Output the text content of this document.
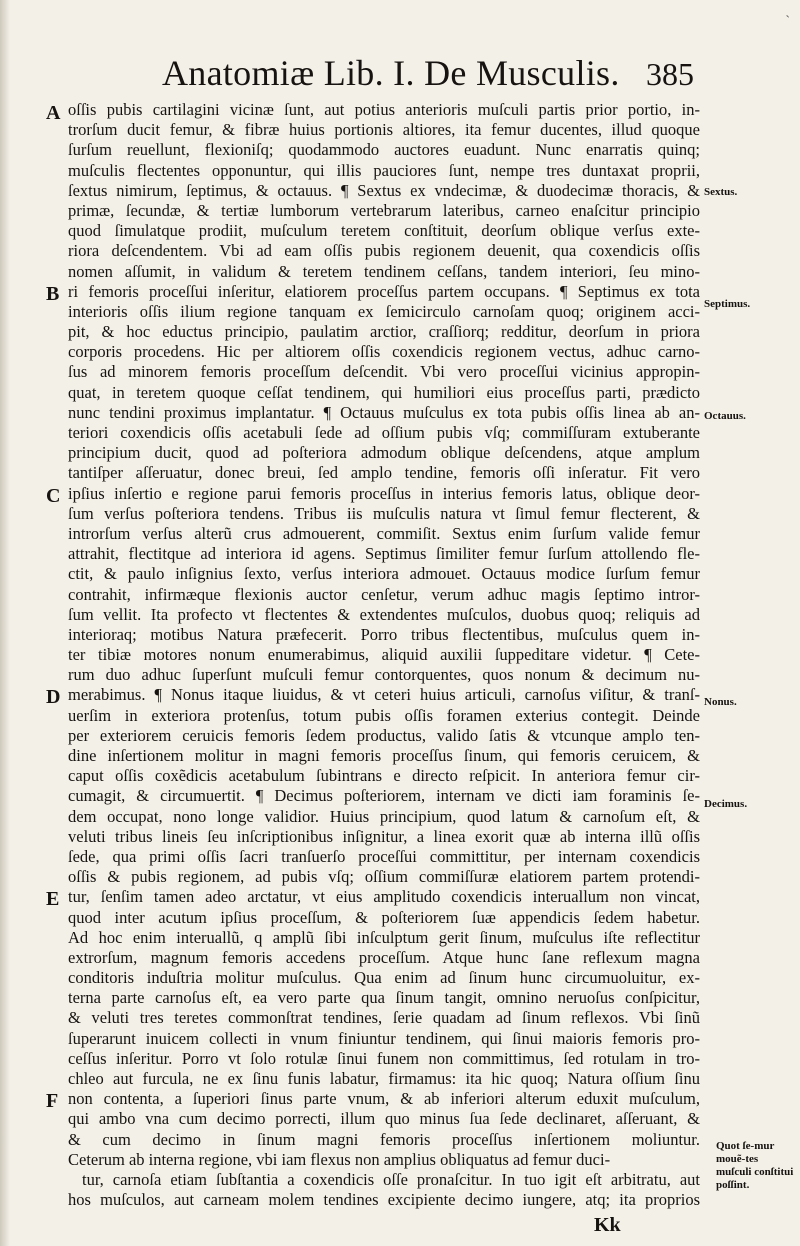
`
Anatomiæ Lib. I. De Musculis. 385
A
B
C
D
E
F
Sextus.
Septimus.
Octauus.
Nonus.
Decimus.
Quot ſe-mur mouẽ-tes muſculi conſtitui poſſint.
oſſis pubis cartilagini vicinæ ſunt, aut potius anterioris muſculi partis prior portio, in-
trorſum ducit femur, & fibræ huius portionis altiores, ita femur ducentes, illud quoque
ſurſum reuellunt, flexioniſq; quodammodo auctores euadunt. Nunc enarratis quinq;
muſculis flectentes opponuntur, qui illis pauciores ſunt, nempe tres duntaxat proprii,
ſextus nimirum, ſeptimus, & octauus. ¶ Sextus ex vndecimæ, & duodecimæ thoracis, &
primæ, ſecundæ, & tertiæ lumborum vertebrarum lateribus, carneo enaſcitur principio
quod ſimulatque prodiit, muſculum teretem conſtituit, deorſum oblique verſus exte-
riora deſcendentem. Vbi ad eam oſſis pubis regionem deuenit, qua coxendicis oſſis
nomen aſſumit, in validum & teretem tendinem ceſſans, tandem interiori, ſeu mino-
ri femoris proceſſui inſeritur, elatiorem proceſſus partem occupans. ¶ Septimus ex tota
interioris oſſis ilium regione tanquam ex ſemicirculo carnoſam quoq; originem acci-
pit, & hoc eductus principio, paulatim arctior, craſſiorq; redditur, deorſum in priora
corporis procedens. Hic per altiorem oſſis coxendicis regionem vectus, adhuc carno-
ſus ad minorem femoris proceſſum deſcendit. Vbi vero proceſſui vicinius appropin-
quat, in teretem quoque ceſſat tendinem, qui humiliori eius proceſſus parti, prædicto
nunc tendini proximus implantatur. ¶ Octauus muſculus ex tota pubis oſſis linea ab an-
teriori coxendicis oſſis acetabuli ſede ad oſſium pubis vſq; commiſſuram extuberante
principium ducit, quod ad poſteriora admodum oblique deſcendens, atque amplum
tantiſper aſſeruatur, donec breui, ſed amplo tendine, femoris oſſi inſeratur. Fit vero
ipſius inſertio e regione parui femoris proceſſus in interius femoris latus, oblique deor-
ſum verſus poſteriora tendens. Tribus iis muſculis natura vt ſimul femur flecterent, &
introrſum verſus alterũ crus admouerent, commiſit. Sextus enim ſurſum valide femur
attrahit, flectitque ad interiora id agens. Septimus ſimiliter femur ſurſum attollendo fle-
ctit, & paulo inſignius ſexto, verſus interiora admouet. Octauus modice ſurſum femur
contrahit, infirmæque flexionis auctor cenſetur, verum adhuc magis ſeptimo intror-
ſum vellit. Ita profecto vt flectentes & extendentes muſculos, duobus quoq; reliquis ad
interioraq; motibus Natura præfecerit. Porro tribus flectentibus, muſculus quem in-
ter tibiæ motores nonum enumerabimus, aliquid auxilii ſuppeditare videtur. ¶ Cete-
rum duo adhuc ſuperſunt muſculi femur contorquentes, quos nonum & decimum nu-
merabimus. ¶ Nonus itaque liuidus, & vt ceteri huius articuli, carnoſus viſitur, & tranſ-
uerſim in exteriora protenſus, totum pubis oſſis foramen exterius contegit. Deinde
per exteriorem ceruicis femoris ſedem productus, valido ſatis & vtcunque amplo ten-
dine inſertionem molitur in magni femoris proceſſus ſinum, qui femoris ceruicem, &
caput oſſis coxẽdicis acetabulum ſubintrans e directo reſpicit. In anteriora femur cir-
cumagit, & circumuertit. ¶ Decimus poſteriorem, internam ve dicti iam foraminis ſe-
dem occupat, nono longe validior. Huius principium, quod latum & carnoſum eſt, &
veluti tribus lineis ſeu inſcriptionibus inſignitur, a linea exorit quæ ab interna illũ oſſis
ſede, qua primi oſſis ſacri tranſuerſo proceſſui committitur, per internam coxendicis
oſſis & pubis regionem, ad pubis vſq; oſſium commiſſuræ elatiorem partem protendi-
tur, ſenſim tamen adeo arctatur, vt eius amplitudo coxendicis interuallum non vincat,
quod inter acutum ipſius proceſſum, & poſteriorem ſuæ appendicis ſedem habetur.
Ad hoc enim interuallũ, q amplũ ſibi inſculptum gerit ſinum, muſculus iſte reflectitur
extrorſum, magnum femoris accedens proceſſum. Atque hunc ſane reflexum magna
conditoris induſtria molitur muſculus. Qua enim ad ſinum hunc circumuoluitur, ex-
terna parte carnoſus eſt, ea vero parte qua ſinum tangit, omnino neruoſus conſpicitur,
& veluti tres teretes commonſtrat tendines, ſerie quadam ad ſinum reflexos. Vbi ſinũ
ſuperarunt inuicem collecti in vnum finiuntur tendinem, qui ſinui maioris femoris pro-
ceſſus inſeritur. Porro vt ſolo rotulæ ſinui funem non committimus, ſed rotulam in tro-
chleo aut furcula, ne ex ſinu funis labatur, firmamus: ita hic quoq; Natura oſſium ſinu
non contenta, a ſuperiori ſinus parte vnum, & ab inferiori alterum eduxit muſculum,
qui ambo vna cum decimo porrecti, illum quo minus ſua ſede declinaret, aſſeruant, &
& cum decimo in ſinum magni femoris proceſſus inſertionem moliuntur.
Ceterum ab interna regione, vbi iam flexus non amplius obliquatus ad femur duci-
tur, carnoſa etiam ſubſtantia a coxendicis oſſe pronaſcitur. In tuo igit eſt arbitratu, aut
hos muſculos, aut carneam molem tendines excipiente decimo iungere, atq; ita proprios
Kk
